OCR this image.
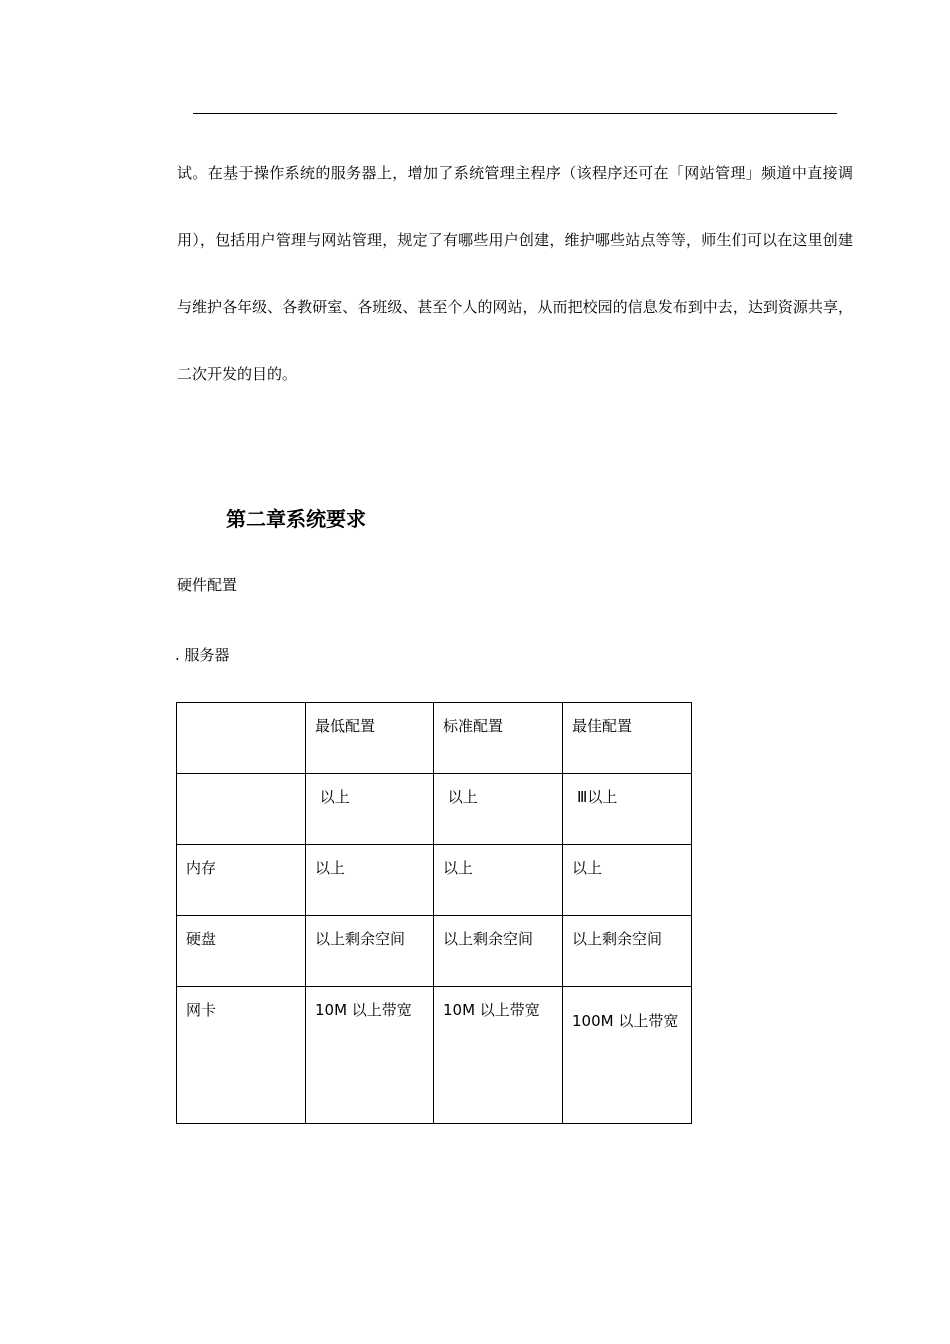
试。在基于操作系统的服务器上，增加了系统管理主程序（该程序还可在「网站管理」频道中直接调用），包括用户管理与网站管理，规定了有哪些用户创建，维护哪些站点等等，师生们可以在这里创建与维护各年级、各教研室、各班级、甚至个人的网站，从而把校园的信息发布到中去，达到资源共享，二次开发的目的。

第二章系统要求

硬件配置

. 服务器

	最低配置	标准配置	最佳配置
	以上	以上	Ⅲ以上
内存	以上	以上	以上
硬盘	以上剩余空间	以上剩余空间	以上剩余空间
网卡	10M 以上带宽	10M 以上带宽	100M 以上带宽
